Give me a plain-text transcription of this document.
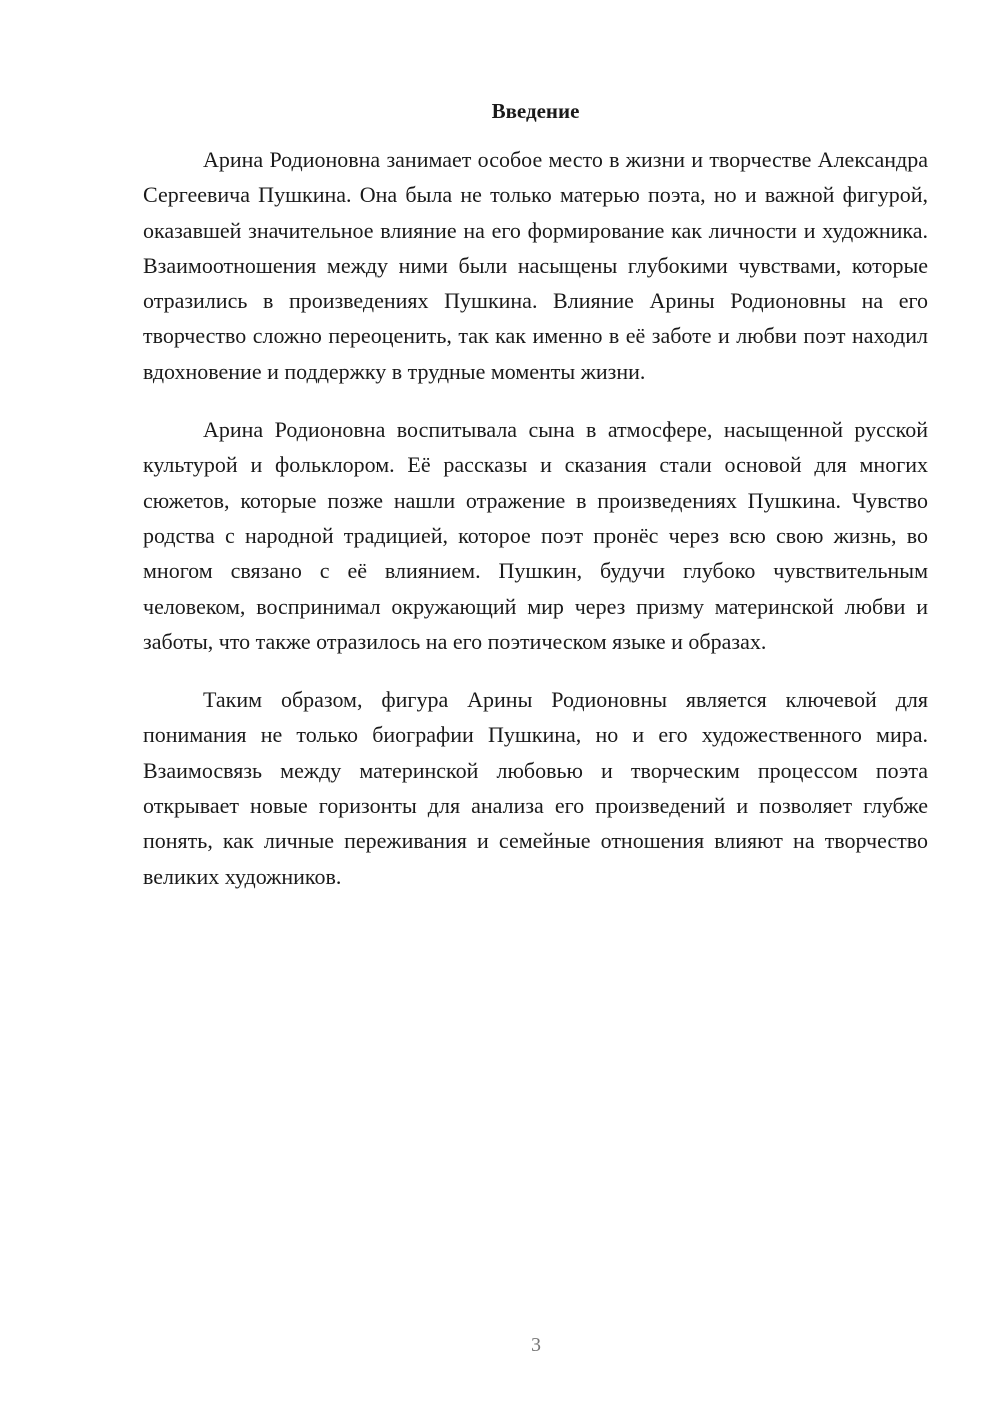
Введение

Арина Родионовна занимает особое место в жизни и творчестве Александра Сергеевича Пушкина. Она была не только матерью поэта, но и важной фигурой, оказавшей значительное влияние на его формирование как личности и художника. Взаимоотношения между ними были насыщены глубокими чувствами, которые отразились в произведениях Пушкина. Влияние Арины Родионовны на его творчество сложно переоценить, так как именно в её заботе и любви поэт находил вдохновение и поддержку в трудные моменты жизни.

Арина Родионовна воспитывала сына в атмосфере, насыщенной русской культурой и фольклором. Её рассказы и сказания стали основой для многих сюжетов, которые позже нашли отражение в произведениях Пушкина. Чувство родства с народной традицией, которое поэт пронёс через всю свою жизнь, во многом связано с её влиянием. Пушкин, будучи глубоко чувствительным человеком, воспринимал окружающий мир через призму материнской любви и заботы, что также отразилось на его поэтическом языке и образах.

Таким образом, фигура Арины Родионовны является ключевой для понимания не только биографии Пушкина, но и его художественного мира. Взаимосвязь между материнской любовью и творческим процессом поэта открывает новые горизонты для анализа его произведений и позволяет глубже понять, как личные переживания и семейные отношения влияют на творчество великих художников.

3
